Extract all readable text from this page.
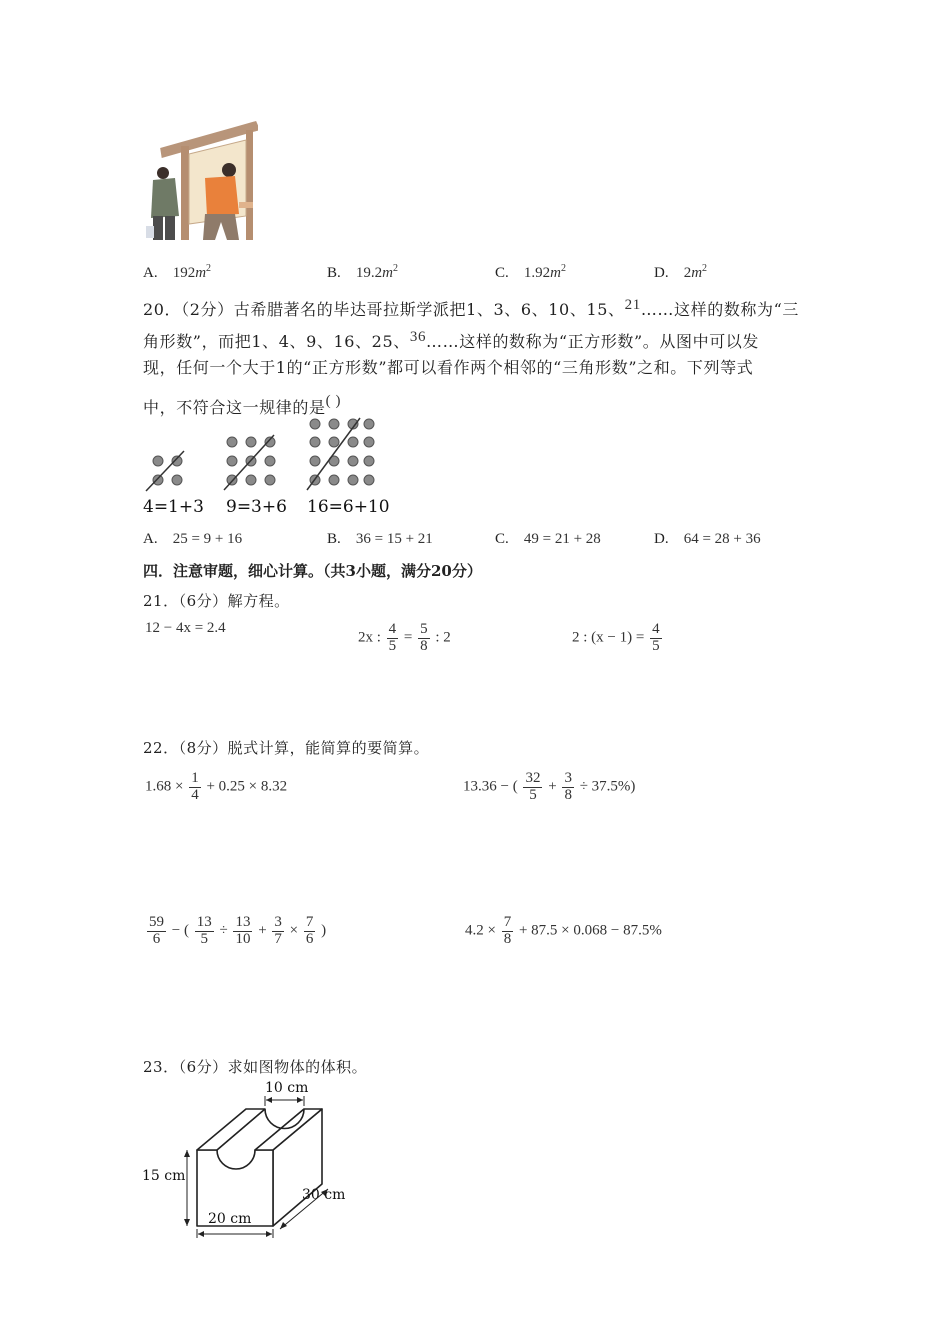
A. $192m^2$	B. $19.2m^2$	C. $1.92m^2$	D. $2m^2$
20．（2分）古希腊著名的毕达哥拉斯学派把1、3、6、10、15、21……这样的数称为“三
角形数”，而把1、4、9、16、25、36……这样的数称为“正方形数”。从图中可以发
现，任何一个大于1的“正方形数”都可以看作两个相邻的“三角形数”之和。下列等式
中，不符合这一规律的是( )
4=1+3 9=3+6 16=6+10
A. 25 = 9 + 16	B. 36 = 15 + 21	C. 49 = 21 + 28	D. 64 = 28 + 36
四．注意审题，细心计算。（共3小题，满分20分）
21．（6分）解方程。
12 − 4x = 2.4
2x : $\frac{4}{5} = \frac{5}{8}$ : 2	2 : $(x - 1) = \frac{4}{5}$
22．（8分）脱式计算，能简算的要简算。
$1.68 \times \frac{1}{4} + 0.25 \times 8.32$	13.36 − ( $\frac{32}{5} + \frac{3}{8} \div 37.5\%$)
$\frac{59}{6}$ − ( $\frac{13}{5} \div \frac{13}{10} + \frac{3}{7} \times \frac{7}{6}$ )	$4.2 \times \frac{7}{8} + 87.5 \times 0.068 - 87.5\%$
23．（6分）求如图物体的体积。
10 cm
15 cm
20 cm
30 cm
